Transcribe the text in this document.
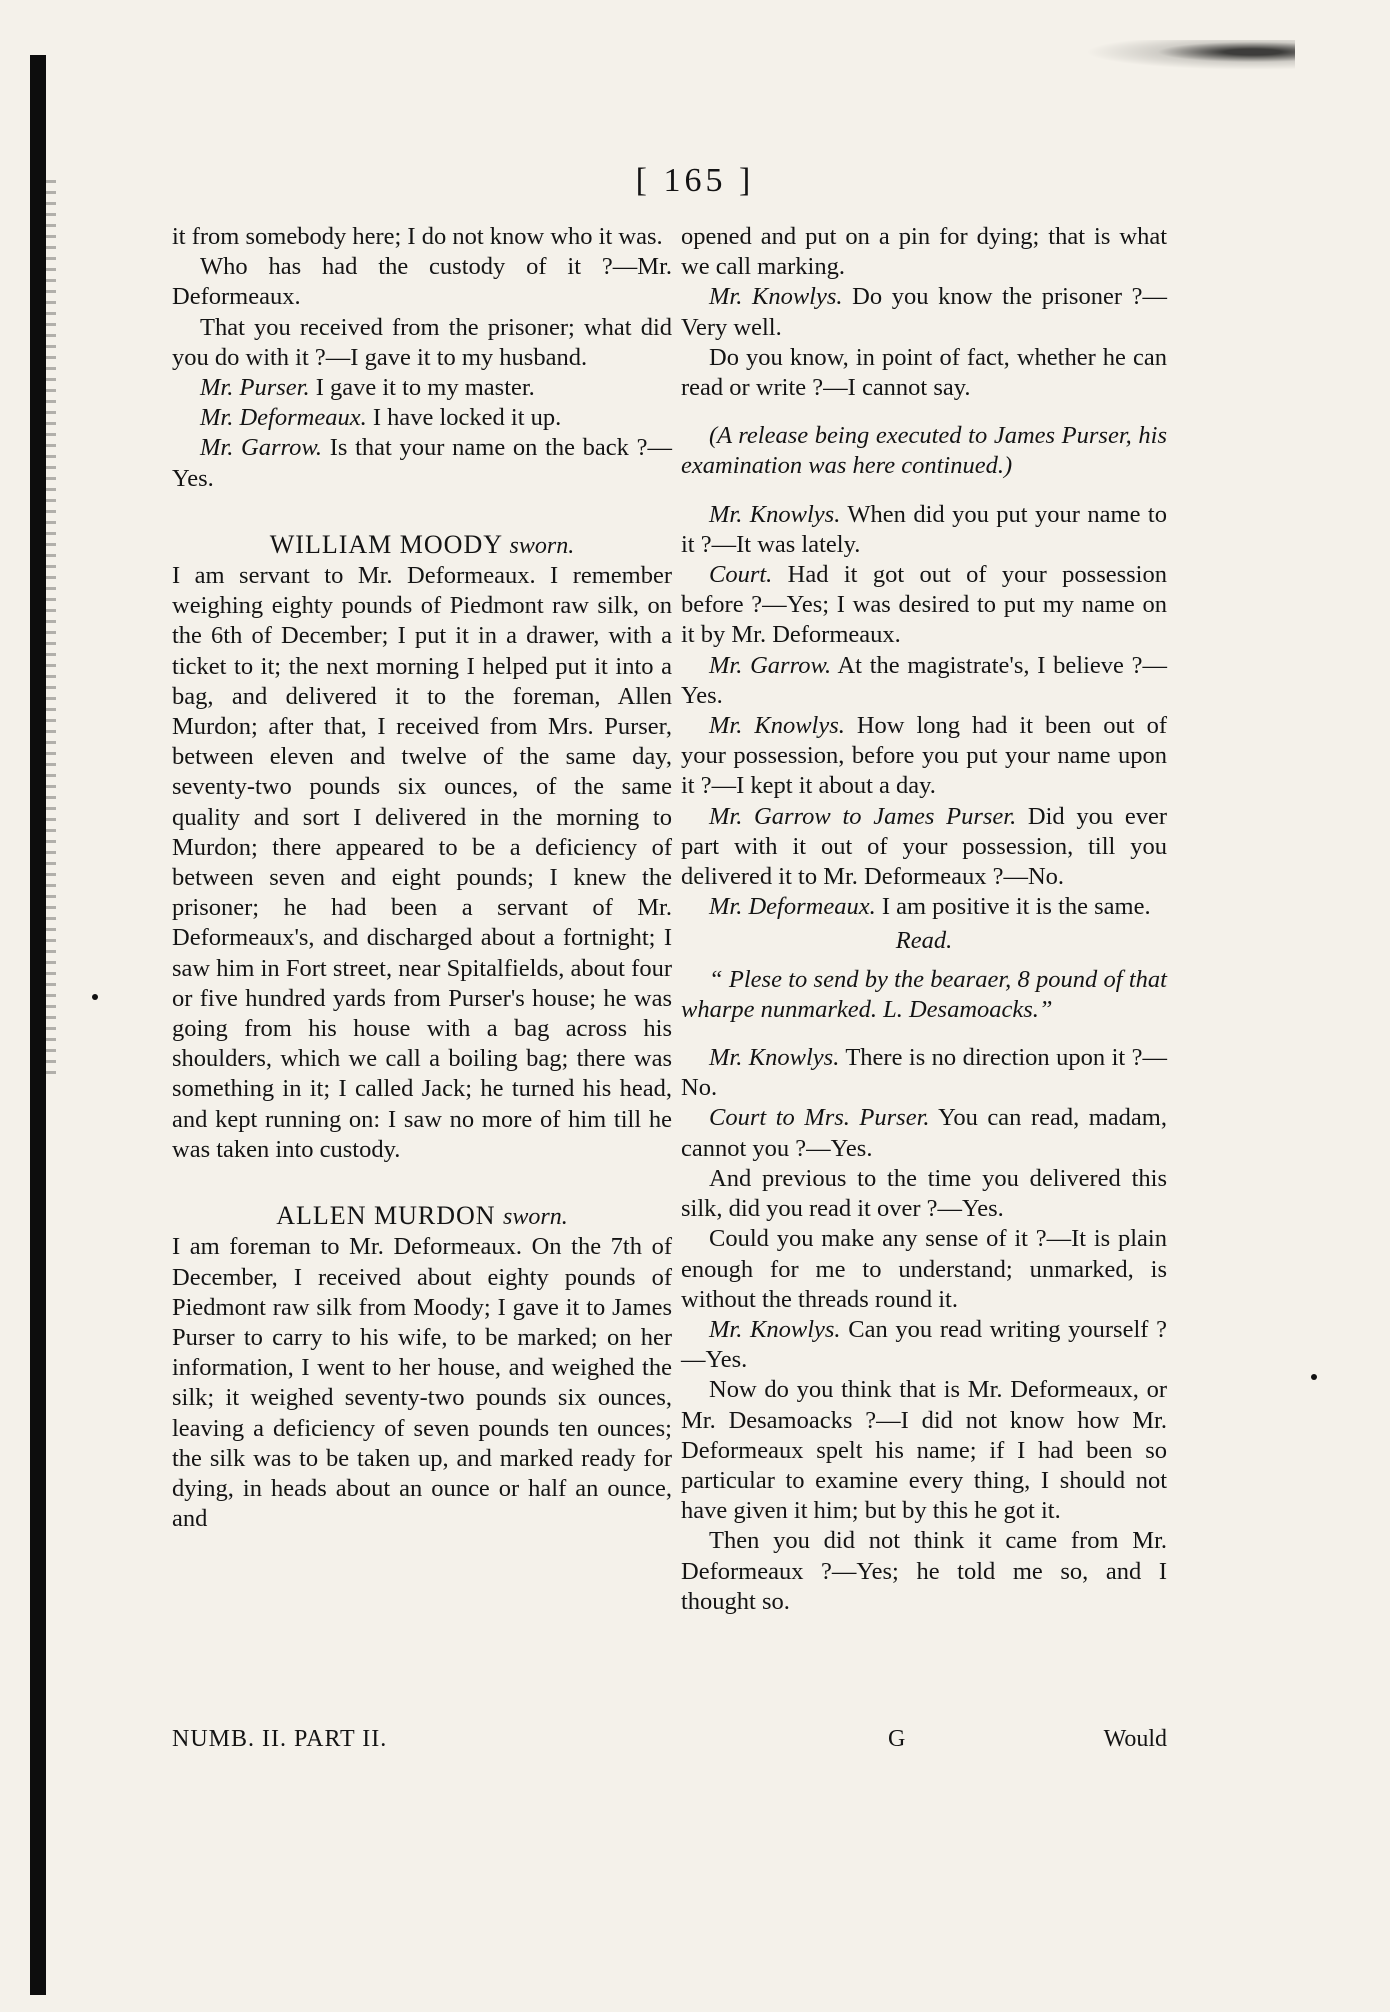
[ 165 ]

it from somebody here; I do not know who it was.

Who has had the custody of it ?—Mr. Deformeaux.

That you received from the prisoner; what did you do with it ?—I gave it to my husband.

Mr. Purser. I gave it to my master.

Mr. Deformeaux. I have locked it up.

Mr. Garrow. Is that your name on the back ?—Yes.

WILLIAM MOODY sworn.

I am servant to Mr. Deformeaux. I remember weighing eighty pounds of Piedmont raw silk, on the 6th of December; I put it in a drawer, with a ticket to it; the next morning I helped put it into a bag, and delivered it to the foreman, Allen Murdon; after that, I received from Mrs. Purser, between eleven and twelve of the same day, seventy-two pounds six ounces, of the same quality and sort I delivered in the morning to Murdon; there appeared to be a deficiency of between seven and eight pounds; I knew the prisoner; he had been a servant of Mr. Deformeaux's, and discharged about a fortnight; I saw him in Fort street, near Spitalfields, about four or five hundred yards from Purser's house; he was going from his house with a bag across his shoulders, which we call a boiling bag; there was something in it; I called Jack; he turned his head, and kept running on: I saw no more of him till he was taken into custody.

ALLEN MURDON sworn.

I am foreman to Mr. Deformeaux. On the 7th of December, I received about eighty pounds of Piedmont raw silk from Moody; I gave it to James Purser to carry to his wife, to be marked; on her information, I went to her house, and weighed the silk; it weighed seventy-two pounds six ounces, leaving a deficiency of seven pounds ten ounces; the silk was to be taken up, and marked ready for dying, in heads about an ounce or half an ounce, and

opened and put on a pin for dying; that is what we call marking.

Mr. Knowlys. Do you know the prisoner ?—Very well.

Do you know, in point of fact, whether he can read or write ?—I cannot say.

(A release being executed to James Purser, his examination was here continued.)

Mr. Knowlys. When did you put your name to it ?—It was lately.

Court. Had it got out of your possession before ?—Yes; I was desired to put my name on it by Mr. Deformeaux.

Mr. Garrow. At the magistrate's, I believe ?—Yes.

Mr. Knowlys. How long had it been out of your possession, before you put your name upon it ?—I kept it about a day.

Mr. Garrow to James Purser. Did you ever part with it out of your possession, till you delivered it to Mr. Deformeaux ?—No.

Mr. Deformeaux. I am positive it is the same.

Read.

“ Plese to send by the bearaer, 8 pound of that wharpe nunmarked. L. Desamoacks.”

Mr. Knowlys. There is no direction upon it ?—No.

Court to Mrs. Purser. You can read, madam, cannot you ?—Yes.

And previous to the time you delivered this silk, did you read it over ?—Yes.

Could you make any sense of it ?—It is plain enough for me to understand; unmarked, is without the threads round it.

Mr. Knowlys. Can you read writing yourself ?—Yes.

Now do you think that is Mr. Deformeaux, or Mr. Desamoacks ?—I did not know how Mr. Deformeaux spelt his name; if I had been so particular to examine every thing, I should not have given it him; but by this he got it.

Then you did not think it came from Mr. Deformeaux ?—Yes; he told me so, and I thought so.

NUMB. II. PART II.	G	Would
